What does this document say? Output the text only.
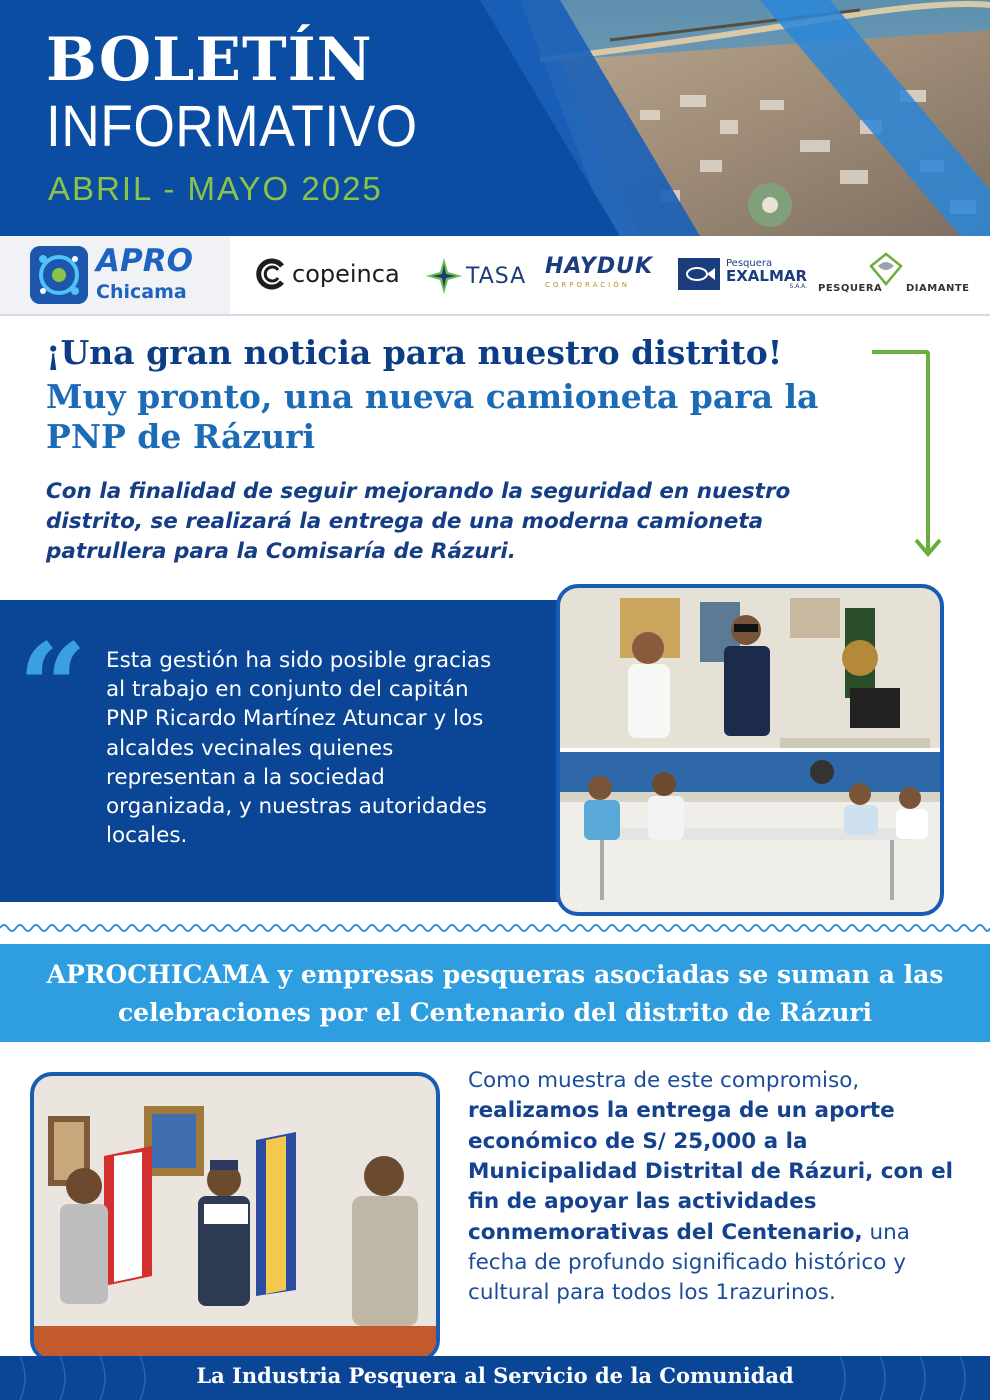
BOLETÍN
INFORMATIVO
ABRIL - MAYO 2025
APRO
Chicama
copeinca	TASA HAYDUK
CORPORACIÓN
Pesquera
EXALMAR
S.A.A. PESQUERA DIAMANTE
¡Una gran noticia para nuestro distrito!
Muy pronto, una nueva camioneta para la PNP de Rázuri
Con la finalidad de seguir mejorando la seguridad en nuestro distrito, se realizará la entrega de una moderna camioneta patrullera para la Comisaría de Rázuri.
“ Esta gestión ha sido posible gracias al trabajo en conjunto del capitán PNP Ricardo Martínez Atuncar y los alcaldes vecinales quienes representan a la sociedad organizada, y nuestras autoridades locales.
APROCHICAMA y empresas pesqueras asociadas se suman a las celebraciones por el Centenario del distrito de Rázuri
Como muestra de este compromiso, realizamos la entrega de un aporte económico de S/ 25,000 a la Municipalidad Distrital de Rázuri, con el fin de apoyar las actividades conmemorativas del Centenario, una fecha de profundo significado histórico y cultural para todos los 1razurinos.
La Industria Pesquera al Servicio de la Comunidad
